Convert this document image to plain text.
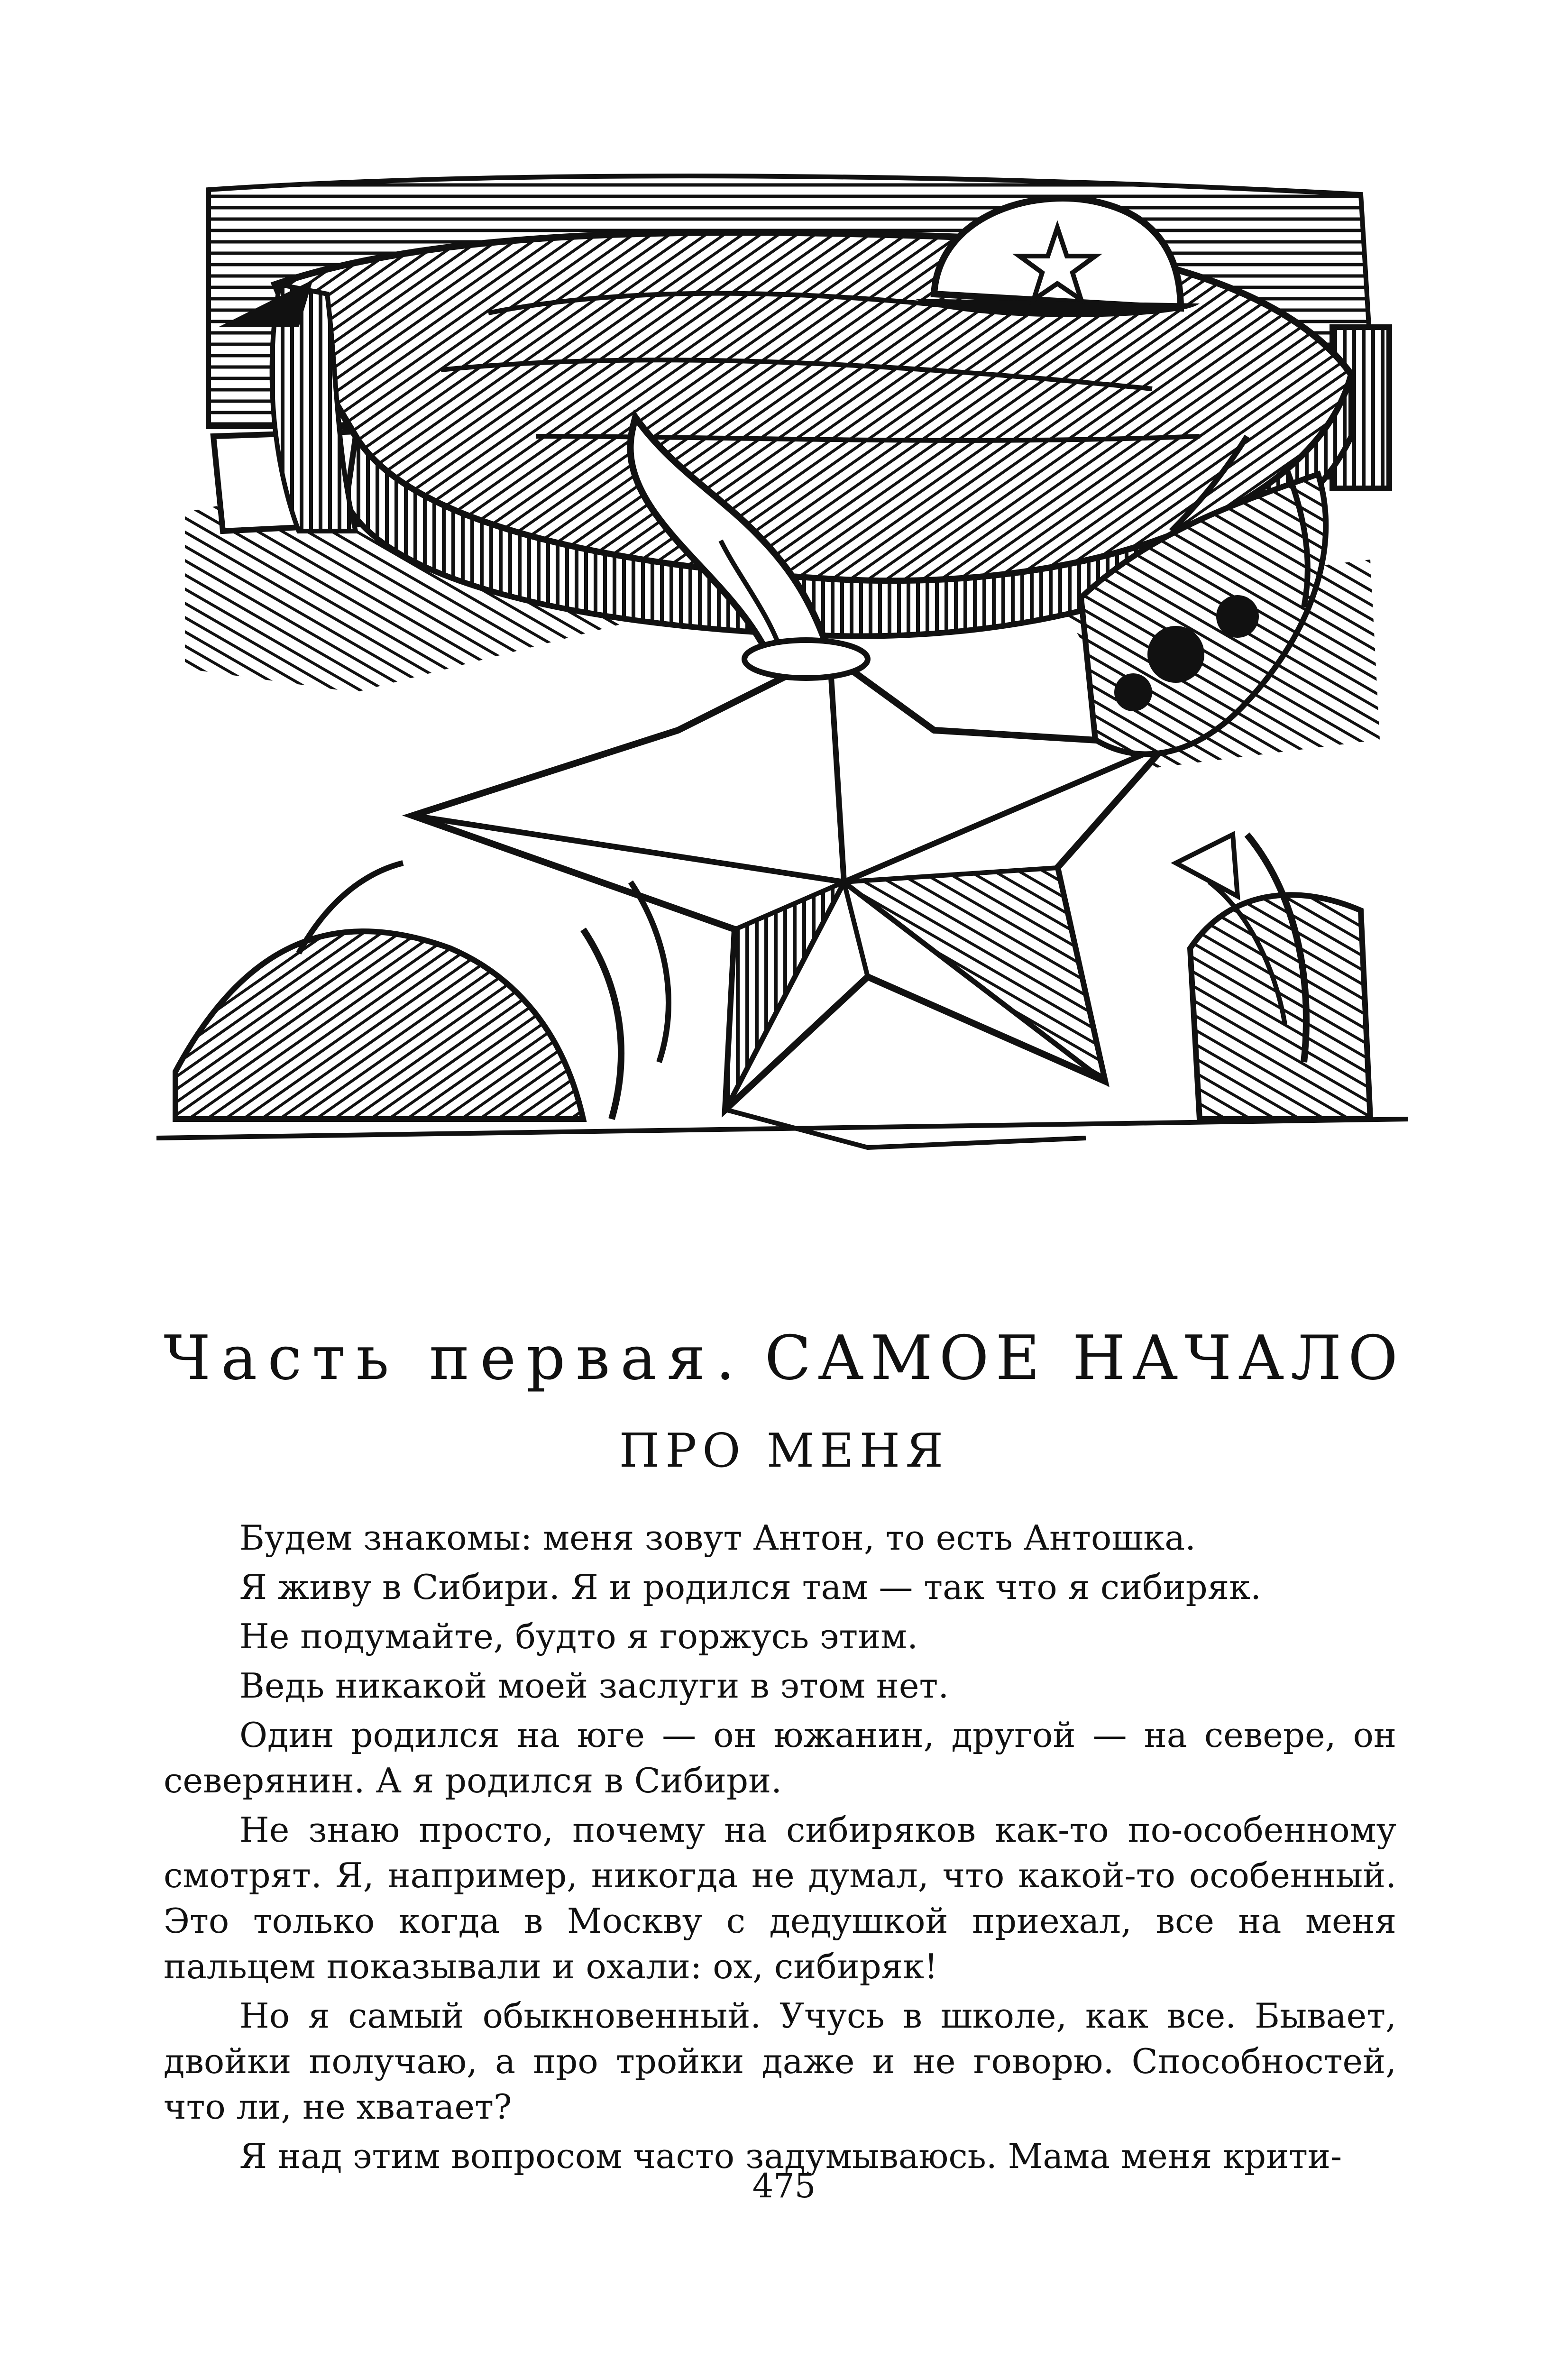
Часть первая. САМОЕ НАЧАЛО
ПРО МЕНЯ

Будем знакомы: меня зовут Антон, то есть Антошка.

Я живу в Сибири. Я и родился там — так что я сибиряк.

Не подумайте, будто я горжусь этим.

Ведь никакой моей заслуги в этом нет.

Один родился на юге — он южанин, другой — на севере, он северянин. А я родился в Сибири.

Не знаю просто, почему на сибиряков как-то по-особенному смотрят. Я, например, никогда не думал, что какой-то особенный. Это только когда в Москву с дедушкой приехал, все на меня пальцем показывали и охали: ох, сибиряк!

Но я самый обыкновенный. Учусь в школе, как все. Бывает, двойки получаю, а про тройки даже и не говорю. Способностей, что ли, не хватает?

Я над этим вопросом часто задумываюсь. Мама меня крити-

475
